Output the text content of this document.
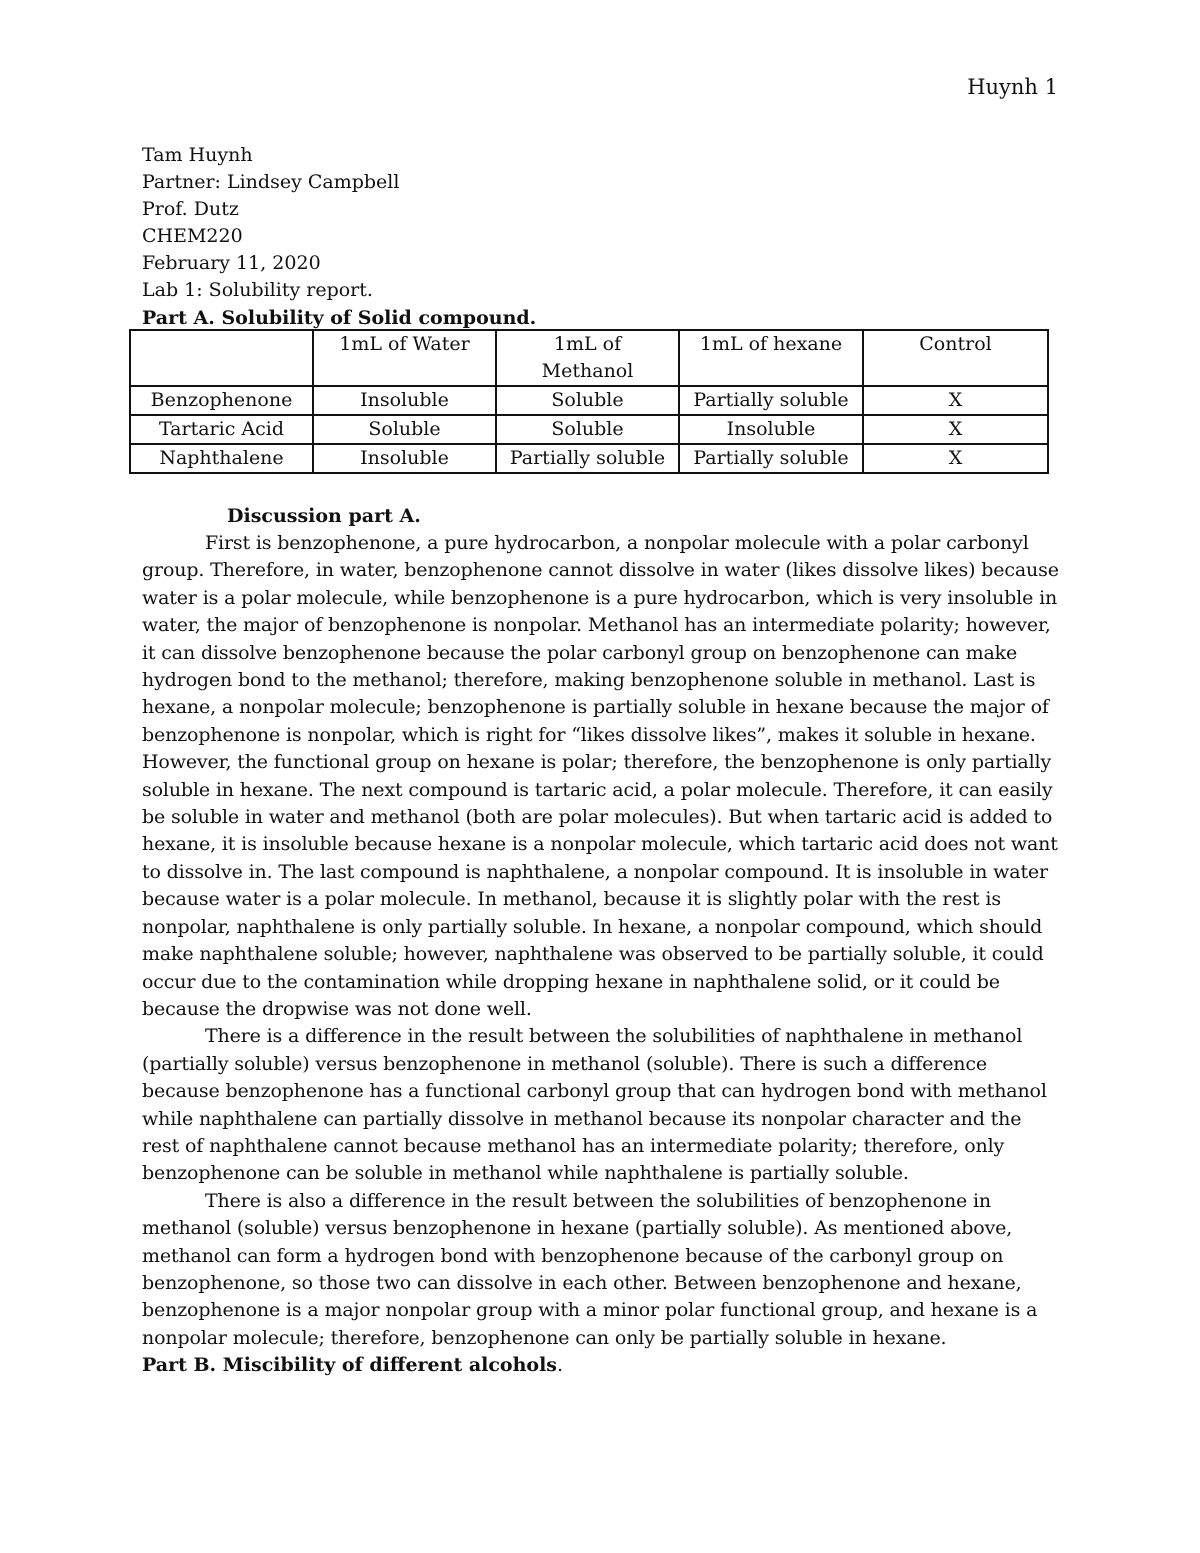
Huynh 1
Tam Huynh
Partner: Lindsey Campbell
Prof. Dutz
CHEM220
February 11, 2020
Lab 1: Solubility report.
Part A. Solubility of Solid compound.
	1mL of Water	1mL of Methanol	1mL of hexane	Control
Benzophenone	Insoluble	Soluble	Partially soluble	X
Tartaric Acid	Soluble	Soluble	Insoluble	X
Naphthalene	Insoluble	Partially soluble	Partially soluble	X
Discussion part A.

First is benzophenone, a pure hydrocarbon, a nonpolar molecule with a polar carbonyl group. Therefore, in water, benzophenone cannot dissolve in water (likes dissolve likes) because water is a polar molecule, while benzophenone is a pure hydrocarbon, which is very insoluble in water, the major of benzophenone is nonpolar. Methanol has an intermediate polarity; however, it can dissolve benzophenone because the polar carbonyl group on benzophenone can make hydrogen bond to the methanol; therefore, making benzophenone soluble in methanol. Last is hexane, a nonpolar molecule; benzophenone is partially soluble in hexane because the major of benzophenone is nonpolar, which is right for “likes dissolve likes”, makes it soluble in hexane. However, the functional group on hexane is polar; therefore, the benzophenone is only partially soluble in hexane. The next compound is tartaric acid, a polar molecule. Therefore, it can easily be soluble in water and methanol (both are polar molecules). But when tartaric acid is added to hexane, it is insoluble because hexane is a nonpolar molecule, which tartaric acid does not want to dissolve in. The last compound is naphthalene, a nonpolar compound. It is insoluble in water because water is a polar molecule. In methanol, because it is slightly polar with the rest is nonpolar, naphthalene is only partially soluble. In hexane, a nonpolar compound, which should make naphthalene soluble; however, naphthalene was observed to be partially soluble, it could occur due to the contamination while dropping hexane in naphthalene solid, or it could be because the dropwise was not done well.

There is a difference in the result between the solubilities of naphthalene in methanol (partially soluble) versus benzophenone in methanol (soluble). There is such a difference because benzophenone has a functional carbonyl group that can hydrogen bond with methanol while naphthalene can partially dissolve in methanol because its nonpolar character and the rest of naphthalene cannot because methanol has an intermediate polarity; therefore, only benzophenone can be soluble in methanol while naphthalene is partially soluble.

There is also a difference in the result between the solubilities of benzophenone in methanol (soluble) versus benzophenone in hexane (partially soluble). As mentioned above, methanol can form a hydrogen bond with benzophenone because of the carbonyl group on benzophenone, so those two can dissolve in each other. Between benzophenone and hexane, benzophenone is a major nonpolar group with a minor polar functional group, and hexane is a nonpolar molecule; therefore, benzophenone can only be partially soluble in hexane.

Part B. Miscibility of different alcohols.
